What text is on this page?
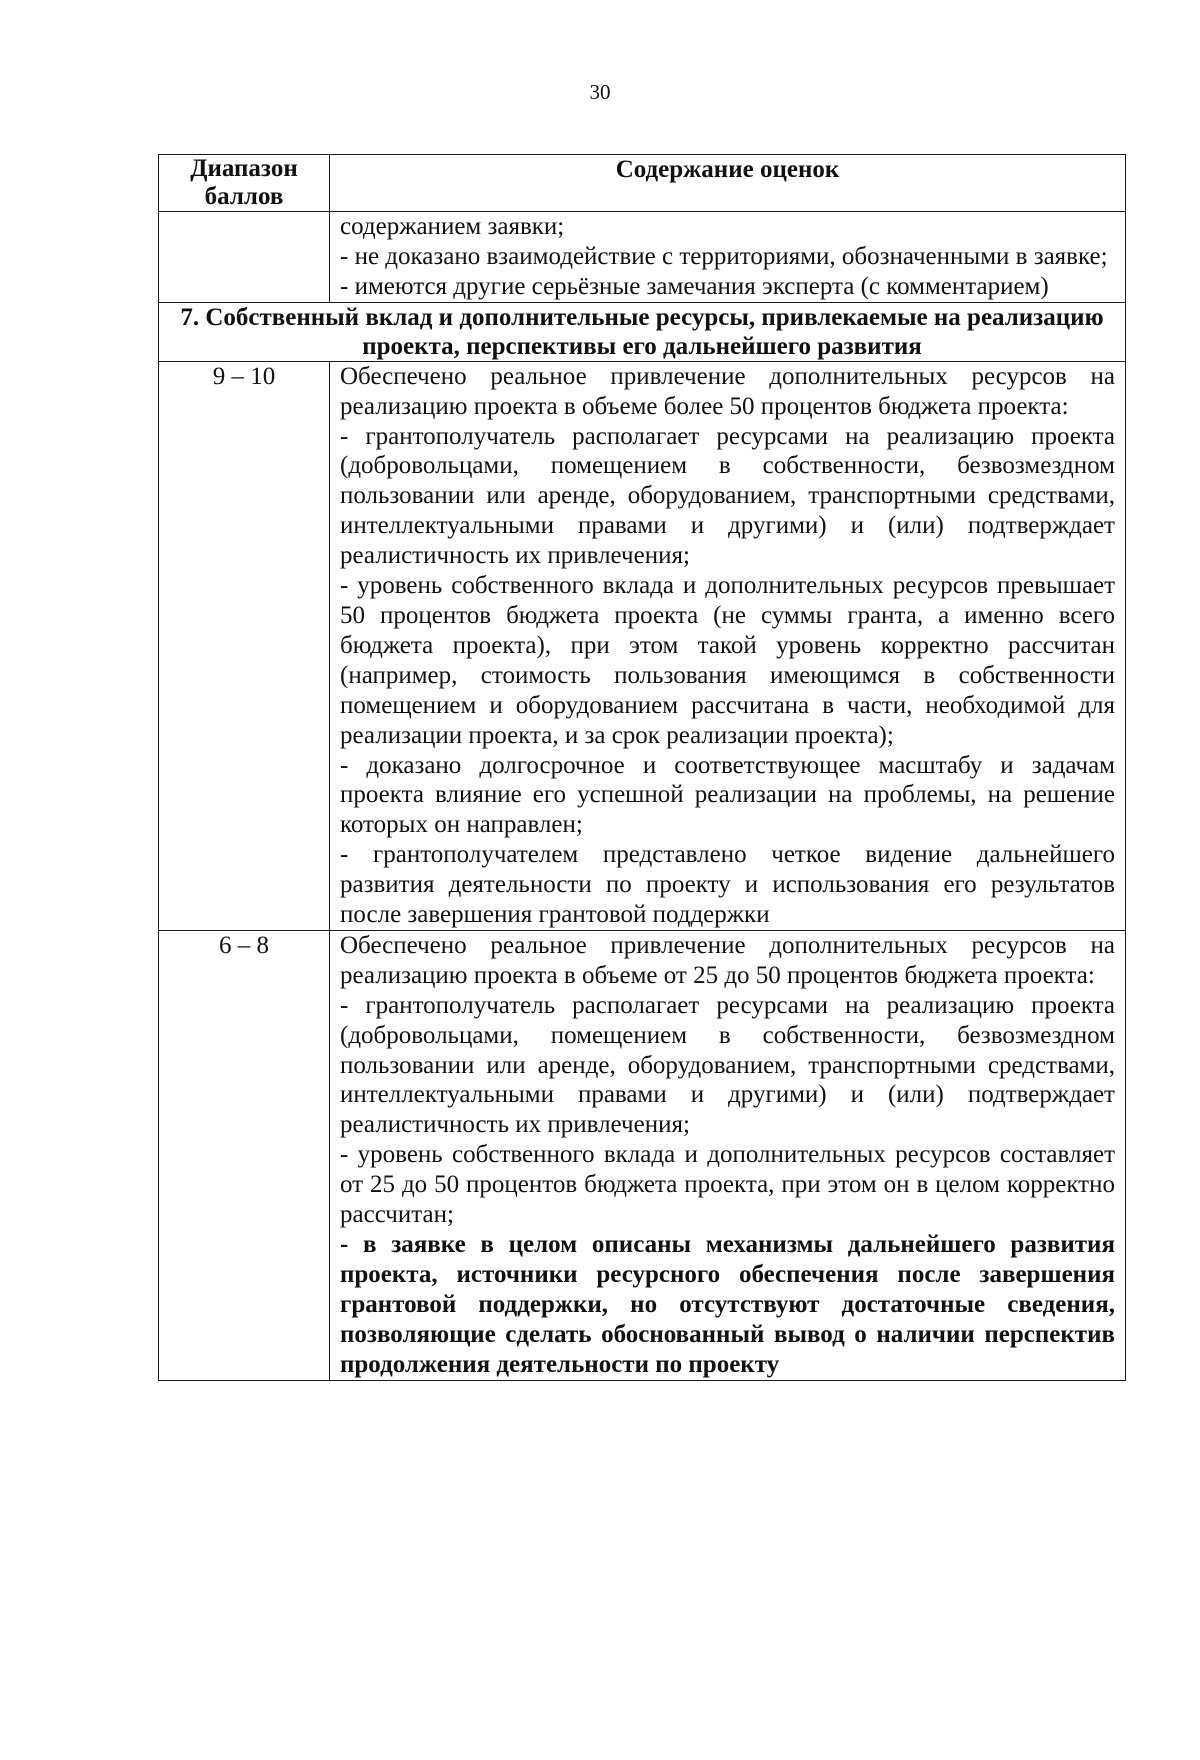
30
Диапазон баллов	Содержание оценок

	содержанием заявки;

- не доказано взаимодействие с территориями, обозначенными в заявке;

- имеются другие серьёзные замечания эксперта (с комментарием)

7. Собственный вклад и дополнительные ресурсы, привлекаемые на реализацию проекта, перспективы его дальнейшего развития	
9 – 10	Обеспечено реальное привлечение дополнительных ресурсов на реализацию проекта в объеме более 50 процентов бюджета проекта:

- грантополучатель располагает ресурсами на реализацию проекта (добровольцами, помещением в собственности, безвозмездном пользовании или аренде, оборудованием, транспортными средствами, интеллектуальными правами и другими) и (или) подтверждает реалистичность их привлечения;

- уровень собственного вклада и дополнительных ресурсов превышает 50 процентов бюджета проекта (не суммы гранта, а именно всего бюджета проекта), при этом такой уровень корректно рассчитан (например, стоимость пользования имеющимся в собственности помещением и оборудованием рассчитана в части, необходимой для реализации проекта, и за срок реализации проекта);

- доказано долгосрочное и соответствующее масштабу и задачам проекта влияние его успешной реализации на проблемы, на решение которых он направлен;

- грантополучателем представлено четкое видение дальнейшего развития деятельности по проекту и использования его результатов после завершения грантовой поддержки

6 – 8	Обеспечено реальное привлечение дополнительных ресурсов на реализацию проекта в объеме от 25 до 50 процентов бюджета проекта:

- грантополучатель располагает ресурсами на реализацию проекта (добровольцами, помещением в собственности, безвозмездном пользовании или аренде, оборудованием, транспортными средствами, интеллектуальными правами и другими) и (или) подтверждает реалистичность их привлечения;

- уровень собственного вклада и дополнительных ресурсов составляет от 25 до 50 процентов бюджета проекта, при этом он в целом корректно рассчитан;

- в заявке в целом описаны механизмы дальнейшего развития проекта, источники ресурсного обеспечения после завершения грантовой поддержки, но отсутствуют достаточные сведения, позволяющие сделать обоснованный вывод о наличии перспектив продолжения деятельности по проекту
